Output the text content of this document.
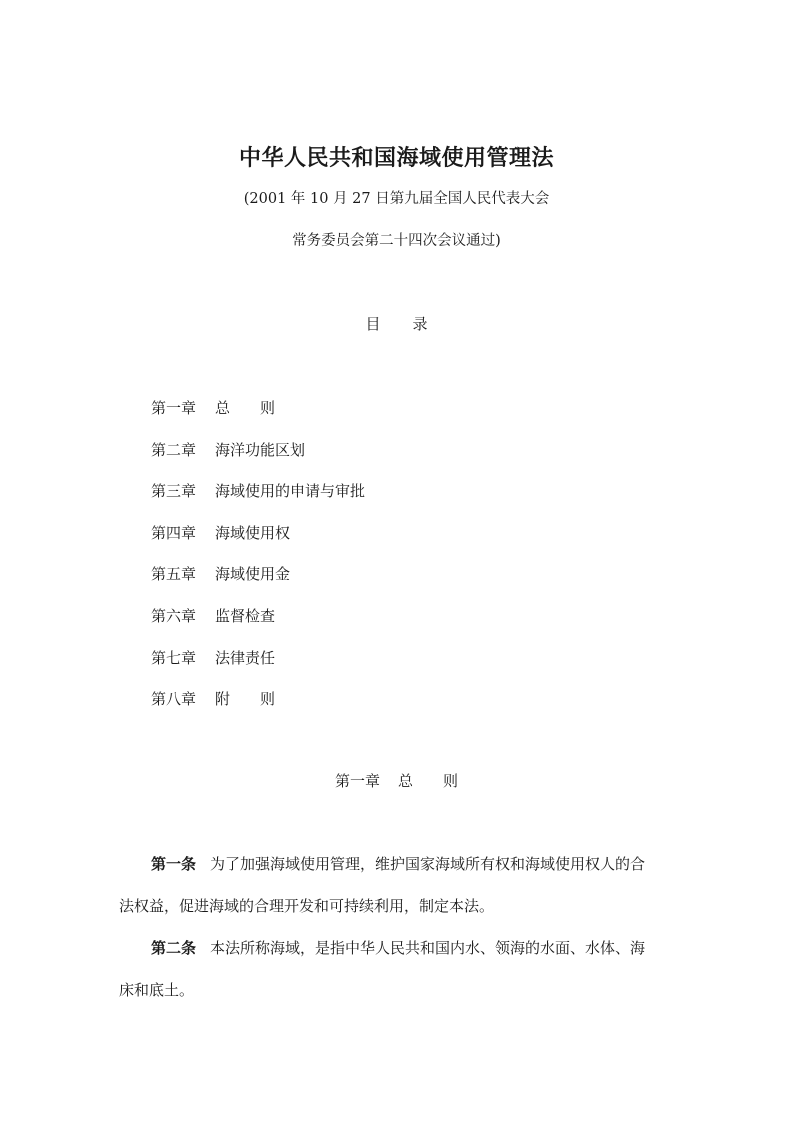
中华人民共和国海域使用管理法
(2001 年 10 月 27 日第九届全国人民代表大会
常务委员会第二十四次会议通过)
目 录
第一章 总　　则
第二章 海洋功能区划
第三章 海域使用的申请与审批
第四章 海域使用权
第五章 海域使用金
第六章 监督检查
第七章 法律责任
第八章 附　　则
第一章 总　　则

第一条 为了加强海域使用管理，维护国家海域所有权和海域使用权人的合
法权益，促进海域的合理开发和可持续利用，制定本法。

第二条 本法所称海域，是指中华人民共和国内水、领海的水面、水体、海
床和底土。
